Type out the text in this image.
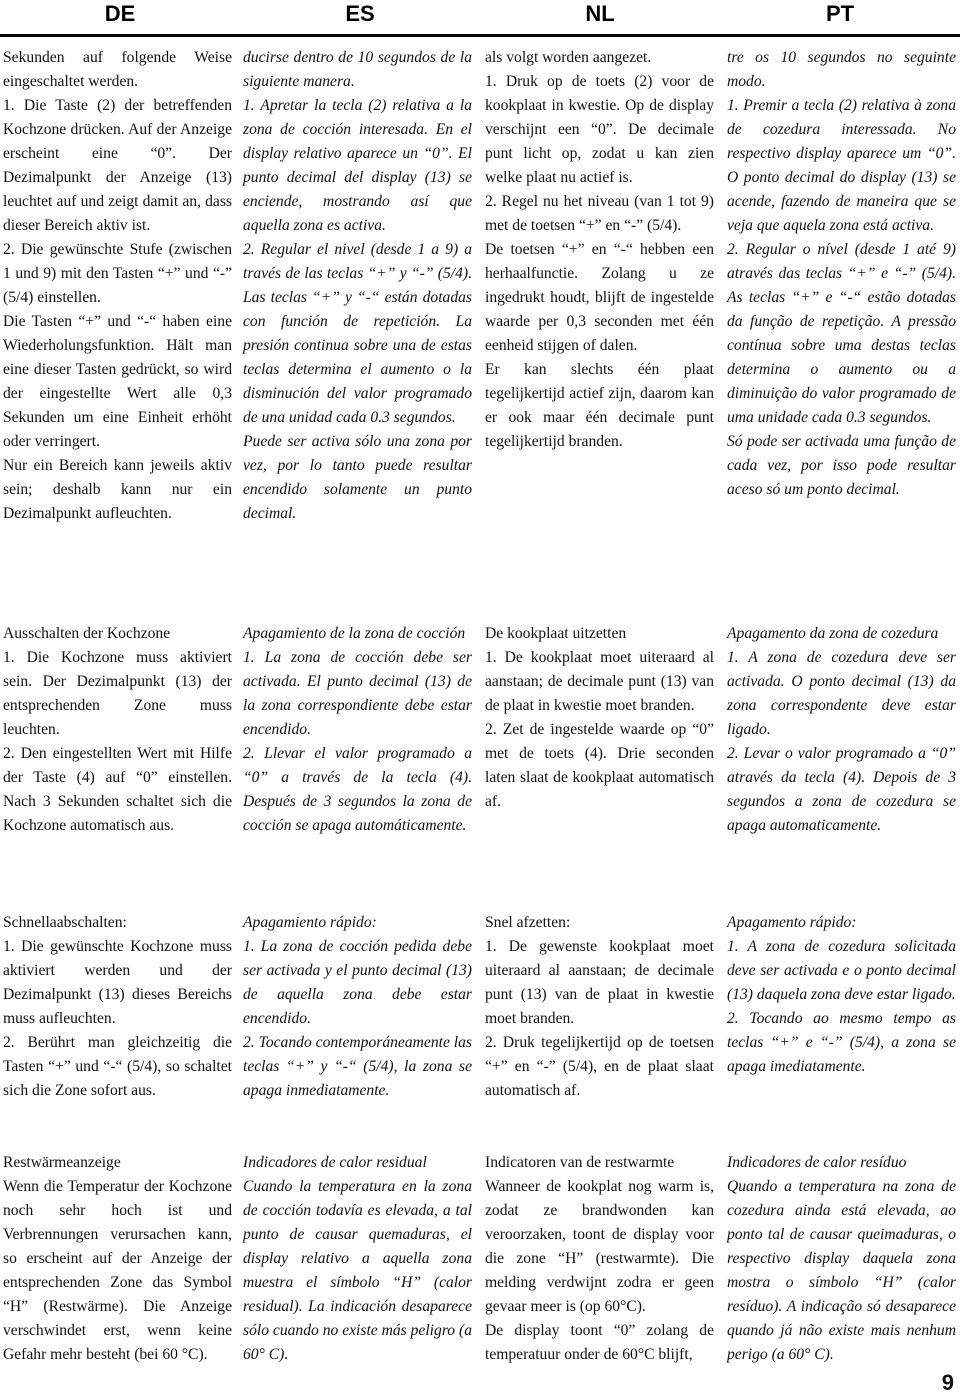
DE	ES	NL	PT

Sekunden auf folgende Weise eingeschaltet werden.

1. Die Taste (2) der betreffenden Kochzone drücken. Auf der Anzeige erscheint eine “0”. Der Dezimalpunkt der Anzeige (13) leuchtet auf und zeigt damit an, dass dieser Bereich aktiv ist.

2. Die gewünschte Stufe (zwischen 1 und 9) mit den Tasten “+” und “-” (5/4) einstellen.

Die Tasten “+” und “-“ haben eine Wiederholungsfunktion. Hält man eine dieser Tasten gedrückt, so wird der eingestellte Wert alle 0,3 Sekunden um eine Einheit erhöht oder verringert.

Nur ein Bereich kann jeweils aktiv sein; deshalb kann nur ein Dezimalpunkt aufleuchten.

ducirse dentro de 10 segundos de la siguiente manera.

1. Apretar la tecla (2) relativa a la zona de cocción interesada. En el display relativo aparece un “0”. El punto decimal del display (13) se enciende, mostrando así que aquella zona es activa.

2. Regular el nivel (desde 1 a 9) a través de las teclas “+” y “-” (5/4). Las teclas “+” y “-“ están dotadas con función de repetición. La presión continua sobre una de estas teclas determina el aumento o la disminución del valor programado de una unidad cada 0.3 segundos.

Puede ser activa sólo una zona por vez, por lo tanto puede resultar encendido solamente un punto decimal.

als volgt worden aangezet.

1. Druk op de toets (2) voor de kookplaat in kwestie. Op de display verschijnt een “0”. De decimale punt licht op, zodat u kan zien welke plaat nu actief is.

2. Regel nu het niveau (van 1 tot 9) met de toetsen “+” en “-” (5/4).

De toetsen “+” en “-“ hebben een herhaalfunctie. Zolang u ze ingedrukt houdt, blijft de ingestelde waarde per 0,3 seconden met één eenheid stijgen of dalen.

Er kan slechts één plaat tegelijkertijd actief zijn, daarom kan er ook maar één decimale punt tegelijkertijd branden.

tre os 10 segundos no seguinte modo.

1. Premir a tecla (2) relativa à zona de cozedura interessada. No respectivo display aparece um “0”. O ponto decimal do display (13) se acende, fazendo de maneira que se veja que aquela zona está activa.

2. Regular o nível (desde 1 até 9) através das teclas “+” e “-” (5/4). As teclas “+” e “-“ estão dotadas da função de repetição. A pressão contínua sobre uma destas teclas determina o aumento ou a diminuição do valor programado de uma unidade cada 0.3 segundos.

Só pode ser activada uma função de cada vez, por isso pode resultar aceso só um ponto decimal.

Ausschalten der Kochzone

1. Die Kochzone muss aktiviert sein. Der Dezimalpunkt (13) der entsprechenden Zone muss leuchten.

2. Den eingestellten Wert mit Hilfe der Taste (4) auf “0” einstellen. Nach 3 Sekunden schaltet sich die Kochzone automatisch aus.

Apagamiento de la zona de cocción

1. La zona de cocción debe ser activada. El punto decimal (13) de la zona correspondiente debe estar encendido.

2. Llevar el valor programado a “0” a través de la tecla (4). Después de 3 segundos la zona de cocción se apaga automáticamente.

De kookplaat uitzetten

1. De kookplaat moet uiteraard al aanstaan; de decimale punt (13) van de plaat in kwestie moet branden.

2. Zet de ingestelde waarde op “0” met de toets (4). Drie seconden laten slaat de kookplaat automatisch af.

Apagamento da zona de cozedura

1. A zona de cozedura deve ser activada. O ponto decimal (13) da zona correspondente deve estar ligado.

2. Levar o valor programado a “0” através da tecla (4). Depois de 3 segundos a zona de cozedura se apaga automaticamente.

Schnellaabschalten:

1. Die gewünschte Kochzone muss aktiviert werden und der Dezimalpunkt (13) dieses Bereichs muss aufleuchten.

2. Berührt man gleichzeitig die Tasten “+” und “-“ (5/4), so schaltet sich die Zone sofort aus.

Apagamiento rápido:

1. La zona de cocción pedida debe ser activada y el punto decimal (13) de aquella zona debe estar encendido.

2. Tocando contemporáneamente las teclas “+” y “-“ (5/4), la zona se apaga inmediatamente.

Snel afzetten:

1. De gewenste kookplaat moet uiteraard al aanstaan; de decimale punt (13) van de plaat in kwestie moet branden.

2. Druk tegelijkertijd op de toetsen “+” en “-” (5/4), en de plaat slaat automatisch af.

Apagamento rápido:

1. A zona de cozedura solicitada deve ser activada e o ponto decimal (13) daquela zona deve estar ligado.

2. Tocando ao mesmo tempo as teclas “+” e “-” (5/4), a zona se apaga imediatamente.

Restwärmeanzeige

Wenn die Temperatur der Kochzone noch sehr hoch ist und Verbrennungen verursachen kann, so erscheint auf der Anzeige der entsprechenden Zone das Symbol “H” (Restwärme). Die Anzeige verschwindet erst, wenn keine Gefahr mehr besteht (bei 60 °C).

Indicadores de calor residual

Cuando la temperatura en la zona de cocción todavía es elevada, a tal punto de causar quemaduras, el display relativo a aquella zona muestra el símbolo “H” (calor residual). La indicación desaparece sólo cuando no existe más peligro (a 60° C).

Indicatoren van de restwarmte

Wanneer de kookplat nog warm is, zodat ze brandwonden kan veroorzaken, toont de display voor die zone “H” (restwarmte). Die melding verdwijnt zodra er geen gevaar meer is (op 60°C).

De display toont “0” zolang de temperatuur onder de 60°C blijft,

Indicadores de calor resíduo

Quando a temperatura na zona de cozedura ainda está elevada, ao ponto tal de causar queimaduras, o respectivo display daquela zona mostra o símbolo “H” (calor resíduo). A indicação só desaparece quando já não existe mais nenhum perigo (a 60° C).

9
